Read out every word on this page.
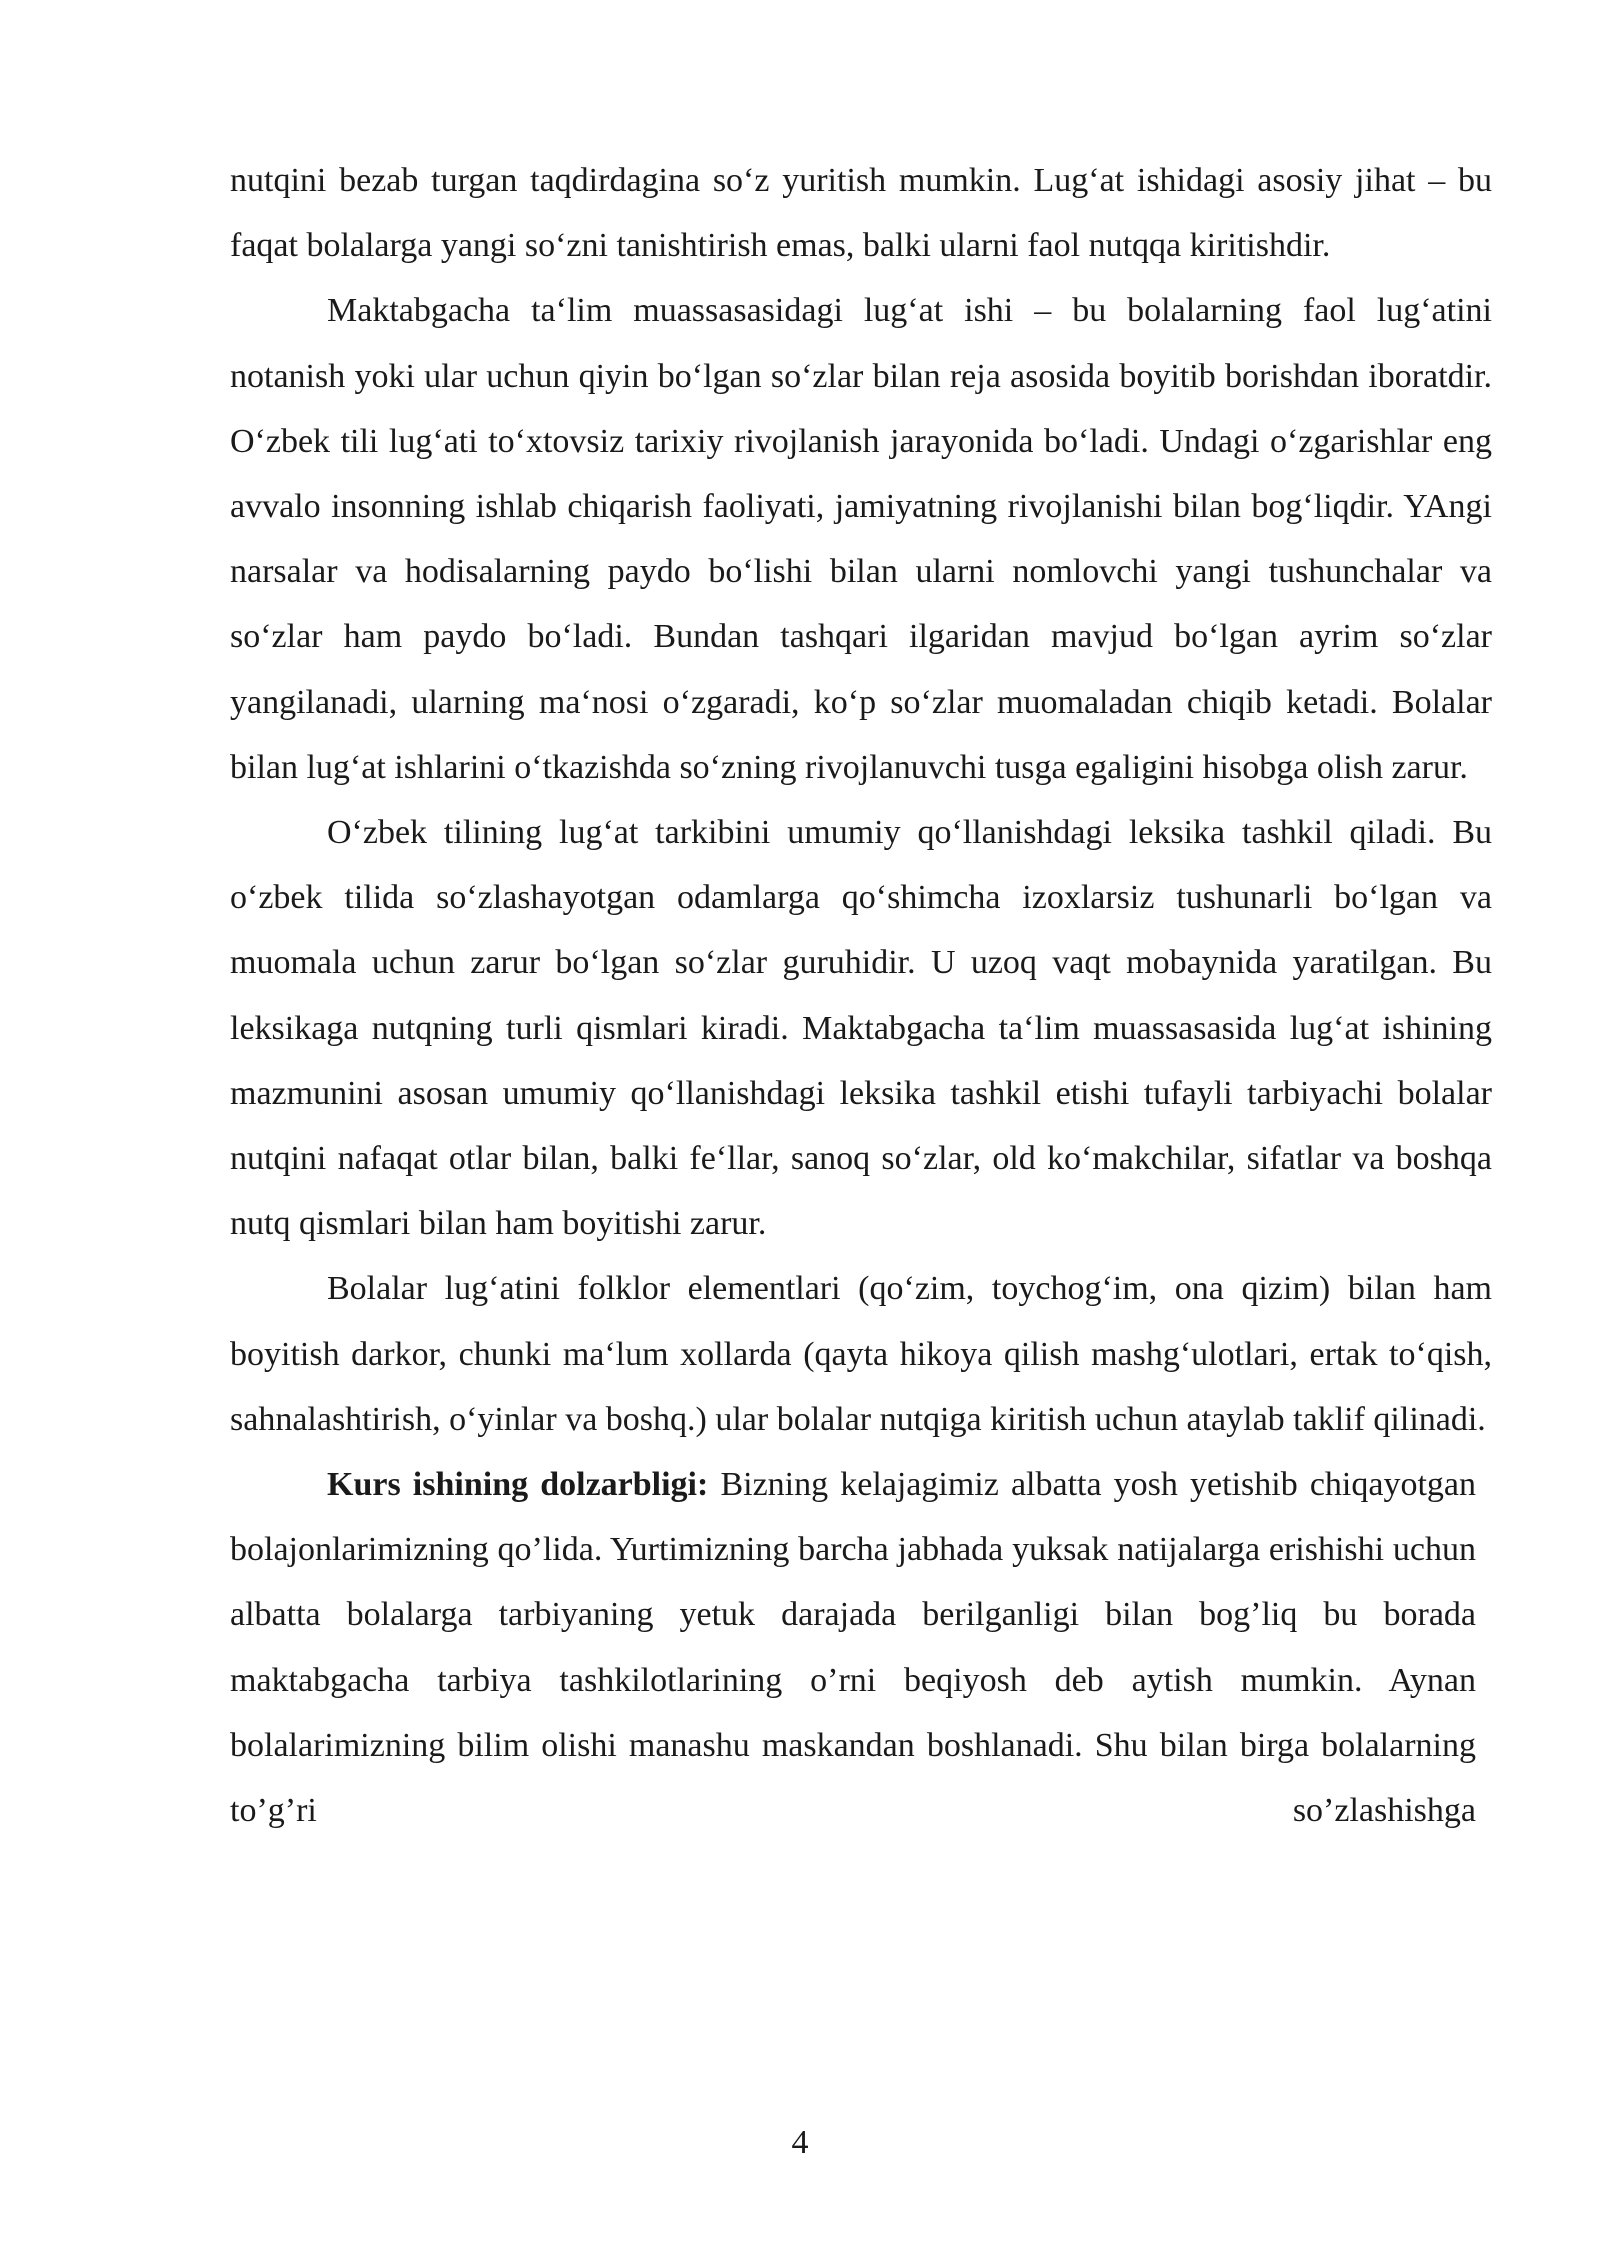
nutqini bezab turgan taqdirdagina so‘z yuritish mumkin. Lug‘at ishidagi asosiy jihat – bu faqat bolalarga yangi so‘zni tanishtirish emas, balki ularni faol nutqqa kiritishdir.

Maktabgacha ta‘lim muassasasidagi lug‘at ishi – bu bolalarning faol lug‘atini notanish yoki ular uchun qiyin bo‘lgan so‘zlar bilan reja asosida boyitib borishdan iboratdir. O‘zbek tili lug‘ati to‘xtovsiz tarixiy rivojlanish jarayonida bo‘ladi. Undagi o‘zgarishlar eng avvalo insonning ishlab chiqarish faoliyati, jamiyatning rivojlanishi bilan bog‘liqdir. YAngi narsalar va hodisalarning paydo bo‘lishi bilan ularni nomlovchi yangi tushunchalar va so‘zlar ham paydo bo‘ladi. Bundan tashqari ilgaridan mavjud bo‘lgan ayrim so‘zlar yangilanadi, ularning ma‘nosi o‘zgaradi, ko‘p so‘zlar muomaladan chiqib ketadi. Bolalar bilan lug‘at ishlarini o‘tkazishda so‘zning rivojlanuvchi tusga egaligini hisobga olish zarur.

O‘zbek tilining lug‘at tarkibini umumiy qo‘llanishdagi leksika tashkil qiladi. Bu o‘zbek tilida so‘zlashayotgan odamlarga qo‘shimcha izoxlarsiz tushunarli bo‘lgan va muomala uchun zarur bo‘lgan so‘zlar guruhidir. U uzoq vaqt mobaynida yaratilgan. Bu leksikaga nutqning turli qismlari kiradi. Maktabgacha ta‘lim muassasasida lug‘at ishining mazmunini asosan umumiy qo‘llanishdagi leksika tashkil etishi tufayli tarbiyachi bolalar nutqini nafaqat otlar bilan, balki fe‘llar, sanoq so‘zlar, old ko‘makchilar, sifatlar va boshqa nutq qismlari bilan ham boyitishi zarur.

Bolalar lug‘atini folklor elementlari (qo‘zim, toychog‘im, ona qizim) bilan ham boyitish darkor, chunki ma‘lum xollarda (qayta hikoya qilish mashg‘ulotlari, ertak to‘qish, sahnalashtirish, o‘yinlar va boshq.) ular bolalar nutqiga kiritish uchun ataylab taklif qilinadi.

Kurs ishining dolzarbligi: Bizning kelajagimiz albatta yosh yetishib chiqayotgan bolajonlarimizning qo’lida. Yurtimizning barcha jabhada yuksak natijalarga erishishi uchun albatta bolalarga tarbiyaning yetuk darajada berilganligi bilan bog’liq bu borada maktabgacha tarbiya tashkilotlarining o’rni beqiyosh deb aytish mumkin. Aynan bolalarimizning bilim olishi manashu maskandan boshlanadi. Shu bilan birga bolalarning to’g’ri so’zlashishga

4
